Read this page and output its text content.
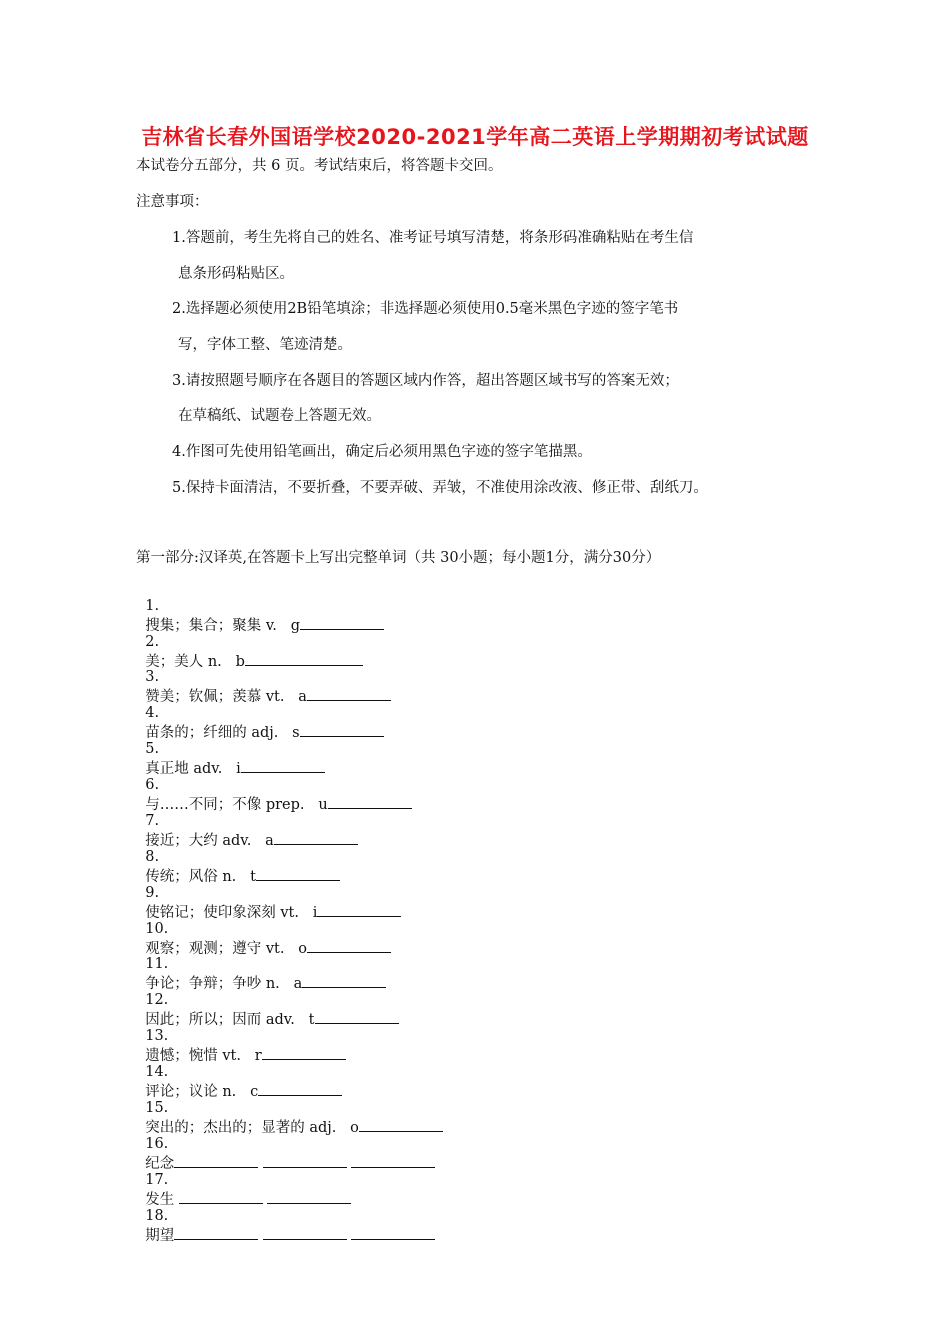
吉林省长春外国语学校2020-2021学年高二英语上学期期初考试试题
本试卷分五部分，共 6 页。考试结束后，将答题卡交回。
注意事项：
1.答题前，考生先将自己的姓名、准考证号填写清楚，将条形码准确粘贴在考生信
息条形码粘贴区。
2.选择题必须使用2B铅笔填涂；非选择题必须使用0.5毫米黑色字迹的签字笔书
写，字体工整、笔迹清楚。
3.请按照题号顺序在各题目的答题区域内作答，超出答题区域书写的答案无效；
在草稿纸、试题卷上答题无效。
4.作图可先使用铅笔画出，确定后必须用黑色字迹的签字笔描黑。
5.保持卡面清洁，不要折叠，不要弄破、弄皱，不准使用涂改液、修正带、刮纸刀。
第一部分:汉译英,在答题卡上写出完整单词（共 30小题；每小题1分，满分30分）

1.
搜集；集合；聚集 v.   g

2.
美；美人 n.   b

3.
赞美；钦佩；羡慕 vt.   a

4.
苗条的；纤细的 adj.   s

5.
真正地 adv.   i

6.
与……不同；不像 prep.   u

7.
接近；大约 adv.   a

8.
传统；风俗 n.   t

9.
使铭记；使印象深刻 vt.   i

10.
观察；观测；遵守 vt.   o

11.
争论；争辩；争吵 n.   a

12.
因此；所以；因而 adv.   t

13.
遗憾；惋惜 vt.   r

14.
评论；议论 n.   c

15.
突出的；杰出的；显著的 adj.   o

16.
纪念

17.
发生

18.
期望
